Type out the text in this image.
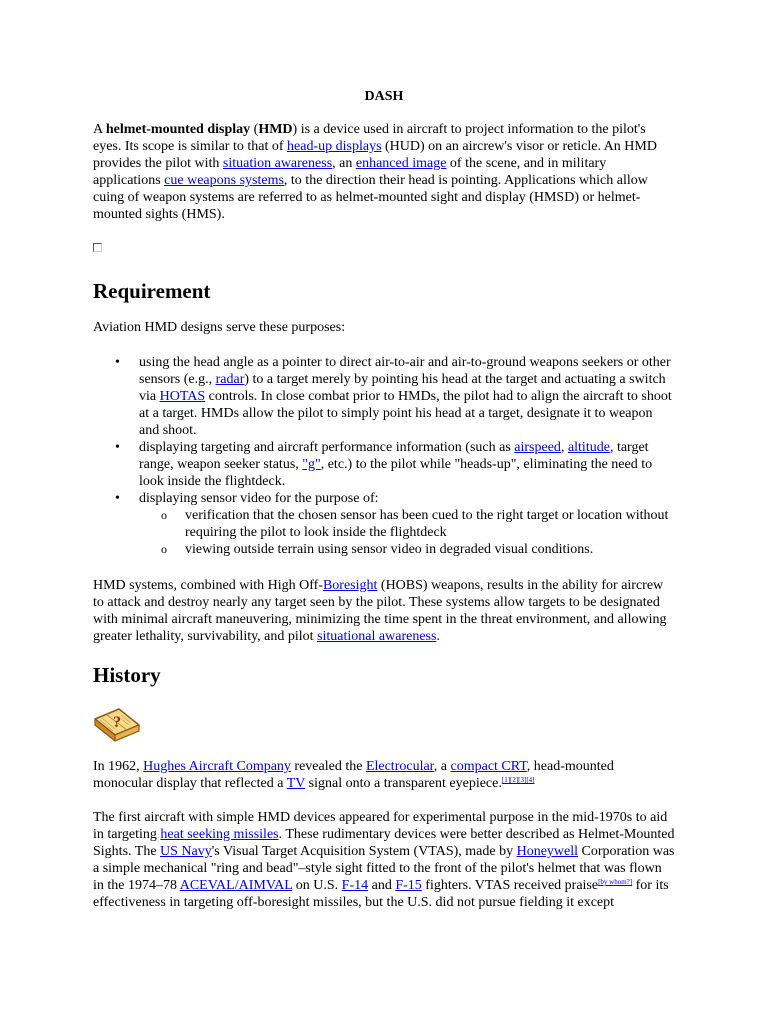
DASH

A helmet-mounted display (HMD) is a device used in aircraft to project information to the pilot's eyes. Its scope is similar to that of head-up displays (HUD) on an aircrew's visor or reticle. An HMD provides the pilot with situation awareness, an enhanced image of the scene, and in military applications cue weapons systems, to the direction their head is pointing. Applications which allow cuing of weapon systems are referred to as helmet-mounted sight and display (HMSD) or helmet-mounted sights (HMS).

Requirement

Aviation HMD designs serve these purposes:

• using the head angle as a pointer to direct air-to-air and air-to-ground weapons seekers or other sensors (e.g., radar) to a target merely by pointing his head at the target and actuating a switch via HOTAS controls. In close combat prior to HMDs, the pilot had to align the aircraft to shoot at a target. HMDs allow the pilot to simply point his head at a target, designate it to weapon and shoot.
• displaying targeting and aircraft performance information (such as airspeed, altitude, target range, weapon seeker status, "g", etc.) to the pilot while "heads-up", eliminating the need to look inside the flightdeck.
• displaying sensor video for the purpose of:
o verification that the chosen sensor has been cued to the right target or location without requiring the pilot to look inside the flightdeck
o viewing outside terrain using sensor video in degraded visual conditions.

HMD systems, combined with High Off-Boresight (HOBS) weapons, results in the ability for aircrew to attack and destroy nearly any target seen by the pilot. These systems allow targets to be designated with minimal aircraft maneuvering, minimizing the time spent in the threat environment, and allowing greater lethality, survivability, and pilot situational awareness.

History
?

In 1962, Hughes Aircraft Company revealed the Electrocular, a compact CRT, head-mounted monocular display that reflected a TV signal onto a transparent eyepiece.[1][2][3][4]

The first aircraft with simple HMD devices appeared for experimental purpose in the mid-1970s to aid in targeting heat seeking missiles. These rudimentary devices were better described as Helmet-Mounted Sights. The US Navy's Visual Target Acquisition System (VTAS), made by Honeywell Corporation was a simple mechanical "ring and bead"–style sight fitted to the front of the pilot's helmet that was flown in the 1974–78 ACEVAL/AIMVAL on U.S. F-14 and F-15 fighters. VTAS received praise[by whom?] for its effectiveness in targeting off-boresight missiles, but the U.S. did not pursue fielding it except
